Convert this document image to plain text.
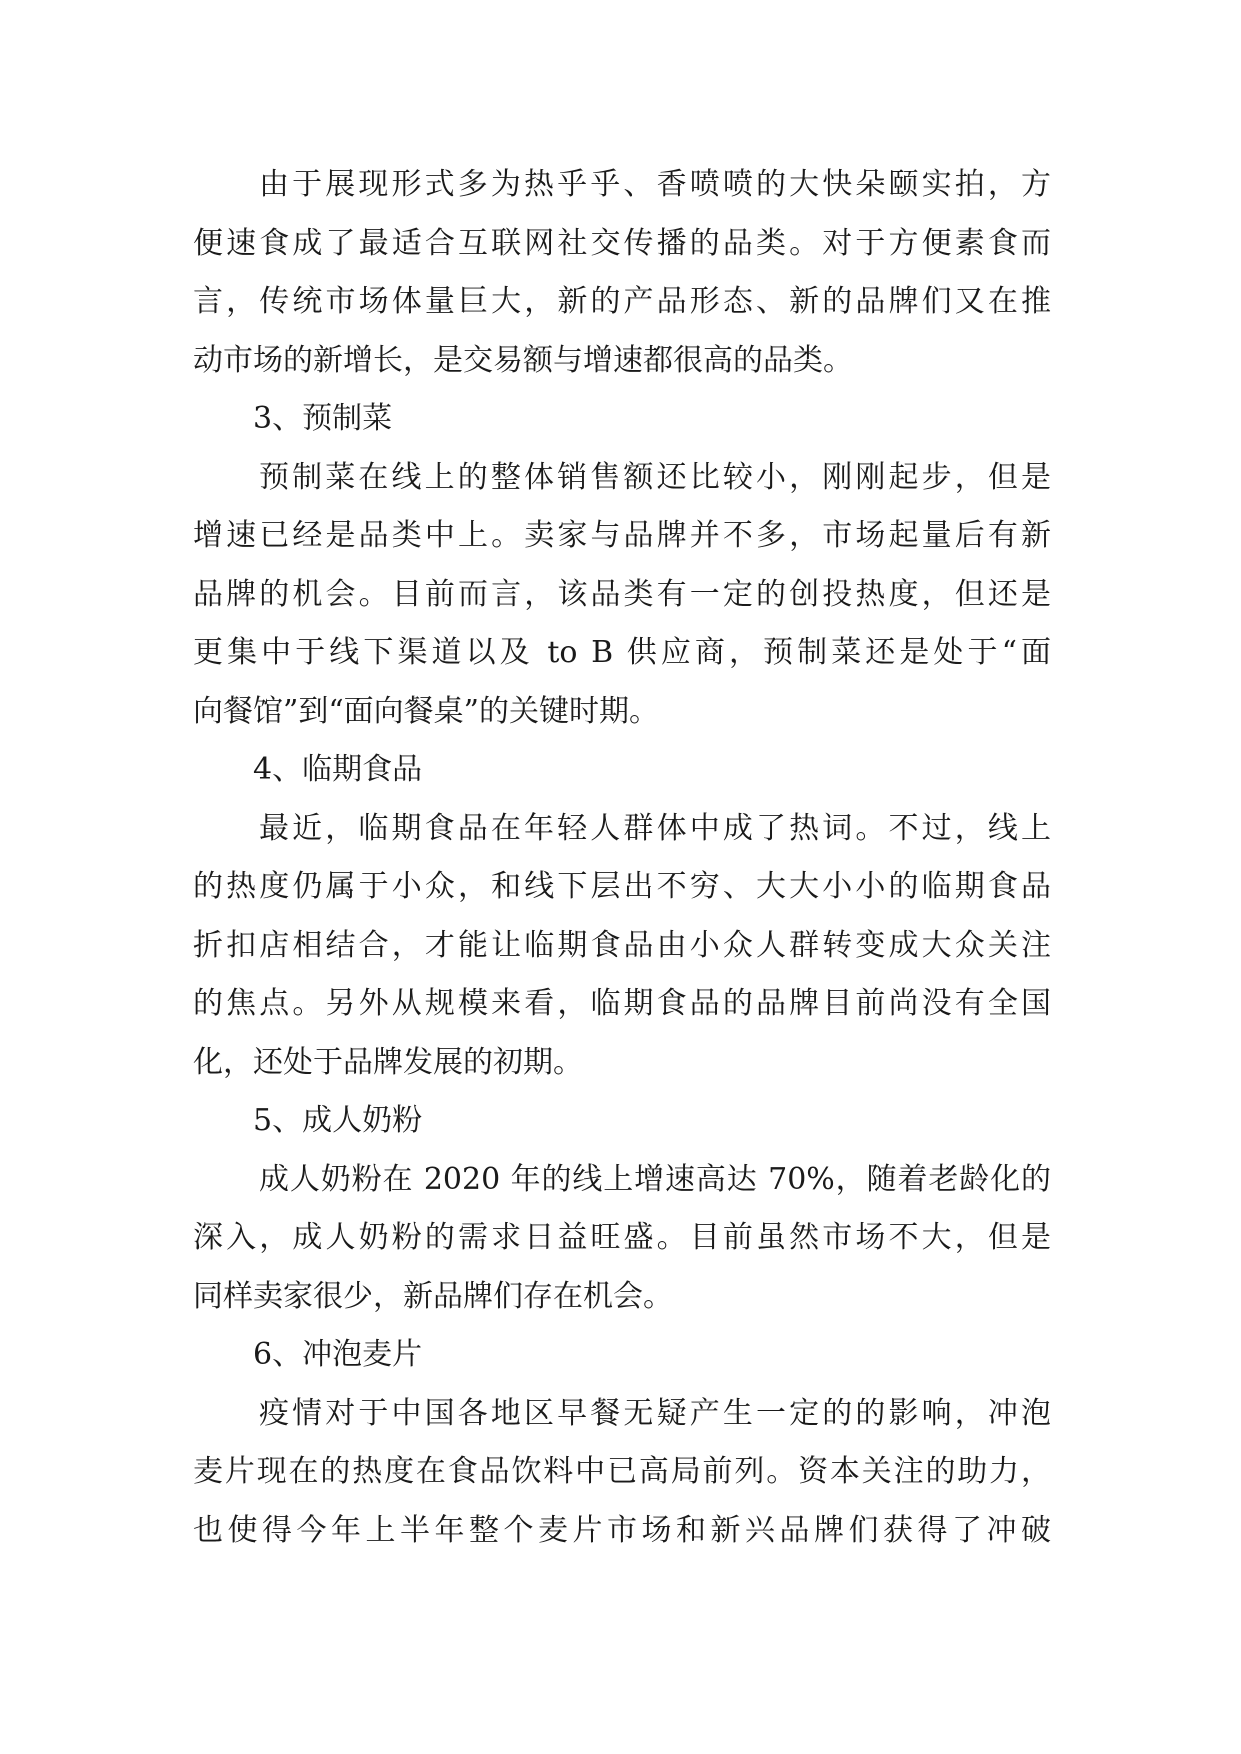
由于展现形式多为热乎乎、香喷喷的大快朵颐实拍，方
便速食成了最适合互联网社交传播的品类。对于方便素食而
言，传统市场体量巨大，新的产品形态、新的品牌们又在推
动市场的新增长，是交易额与增速都很高的品类。
3、预制菜
预制菜在线上的整体销售额还比较小，刚刚起步，但是
增速已经是品类中上。卖家与品牌并不多，市场起量后有新
品牌的机会。目前而言，该品类有一定的创投热度，但还是
更集中于线下渠道以及 to B 供应商，预制菜还是处于“面
向餐馆”到“面向餐桌”的关键时期。
4、临期食品
最近，临期食品在年轻人群体中成了热词。不过，线上
的热度仍属于小众，和线下层出不穷、大大小小的临期食品
折扣店相结合，才能让临期食品由小众人群转变成大众关注
的焦点。另外从规模来看，临期食品的品牌目前尚没有全国
化，还处于品牌发展的初期。
5、成人奶粉
成人奶粉在 2020 年的线上增速高达 70%，随着老龄化的
深入，成人奶粉的需求日益旺盛。目前虽然市场不大，但是
同样卖家很少，新品牌们存在机会。
6、冲泡麦片
疫情对于中国各地区早餐无疑产生一定的的影响，冲泡
麦片现在的热度在食品饮料中已高局前列。资本关注的助力，
也使得今年上半年整个麦片市场和新兴品牌们获得了冲破
